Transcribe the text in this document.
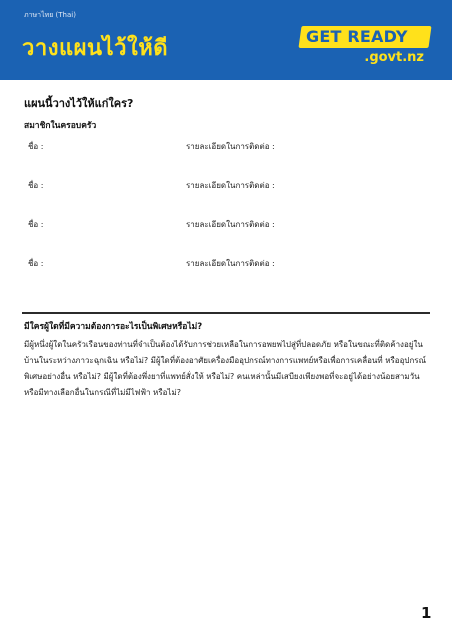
ภาษาไทย (Thai)
วางแผนไว้ให้ดี	GET READY
.govt.nz
แผนนี้วางไว้ให้แก่ใคร?
สมาชิกในครอบครัว
ชื่อ :	รายละเอียดในการติดต่อ :
ชื่อ :	รายละเอียดในการติดต่อ :
ชื่อ :	รายละเอียดในการติดต่อ :
ชื่อ :	รายละเอียดในการติดต่อ :
มีใครผู้ใดที่มีความต้องการอะไรเป็นพิเศษหรือไม่?
มีผู้หนึ่งผู้ใดในครัวเรือนของท่านที่จำเป็นต้องได้รับการช่วยเหลือในการอพยพไปสู่ที่ปลอดภัย หรือในขณะที่ติดค้างอยู่ในบ้านในระหว่างภาวะฉุกเฉิน หรือไม่? มีผู้ใดที่ต้องอาศัยเครื่องมืออุปกรณ์ทางการแพทย์หรือเพื่อการเคลื่อนที่ หรืออุปกรณ์พิเศษอย่างอื่น หรือไม่? มีผู้ใดที่ต้องพึ่งยาที่แพทย์สั่งให้ หรือไม่? คนเหล่านั้นมีเสบียงเพียงพอที่จะอยู่ได้อย่างน้อยสามวัน หรือมีทางเลือกอื่นในกรณีที่ไม่มีไฟฟ้า หรือไม่?
1
